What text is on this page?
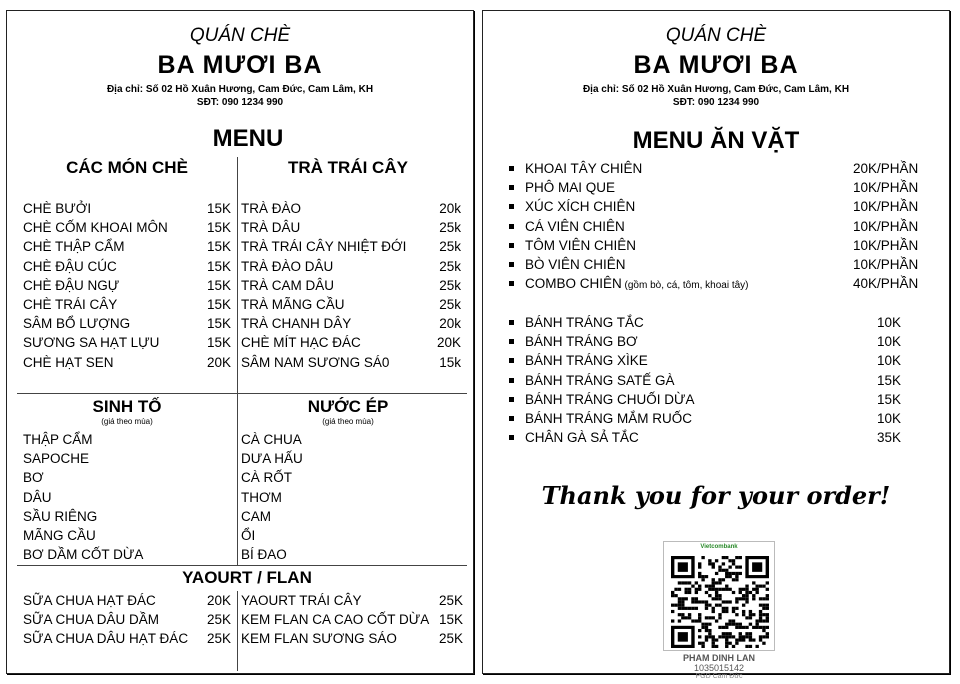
QUÁN CHÈ
BA MƯƠI BA
Địa chỉ: Số 02 Hồ Xuân Hương, Cam Đức, Cam Lâm, KH
SĐT: 090 1234 990
MENU
CÁC MÓN CHÈ
CHÈ BƯỞI	15K
CHÈ CỐM KHOAI MÔN	15K
CHÈ THẬP CẨM	15K
CHÈ ĐẬU CÚC	15K
CHÈ ĐẬU NGỰ	15K
CHÈ TRÁI CÂY	15K
SÂM BỔ LƯỢNG	15K
SƯƠNG SA HẠT LỰU	15K
CHÈ HẠT SEN	20K
TRÀ TRÁI CÂY
TRÀ ĐÀO	20k
TRÀ DÂU	25k
TRÀ TRÁI CÂY NHIỆT ĐỚI 25k
TRÀ ĐÀO DÂU	25k
TRÀ CAM DÂU	25k
TRÀ MÃNG CẦU	25k
TRÀ CHANH DÂY	20k
CHÈ MÍT HẠC ĐÁC	20K
SÂM NAM SƯƠNG SÁ0	15k
SINH TỐ
(giá theo mùa)
THẬP CẨM
SAPOCHE
BƠ
DÂU
SẦU RIÊNG
MÃNG CẦU
BƠ DẦM CỐT DỪA
NƯỚC ÉP
(giá theo mùa)
CÀ CHUA
DƯA HẤU
CÀ RỐT
THƠM
CAM
ỔI
BÍ ĐAO
YAOURT / FLAN
SỮA CHUA HẠT ĐÁC	20K
SỮA CHUA DÂU DẦM	25K
SỮA CHUA DÂU HẠT ĐÁC 25K
YAOURT TRÁI CÂY	25K
KEM FLAN CA CAO CỐT DỪA 15K
KEM FLAN SƯƠNG SÁO	25K
QUÁN CHÈ
BA MƯƠI BA
Địa chỉ: Số 02 Hồ Xuân Hương, Cam Đức, Cam Lâm, KH
SĐT: 090 1234 990
MENU ĂN VẶT
KHOAI TÂY CHIÊN	20K/PHẦN
PHÔ MAI QUE	10K/PHẦN
XÚC XÍCH CHIÊN	10K/PHẦN
CÁ VIÊN CHIÊN	10K/PHẦN
TÔM VIÊN CHIÊN	10K/PHẦN
BÒ VIÊN CHIÊN	10K/PHẦN
COMBO CHIÊN (gồm bò, cá, tôm, khoai tây)	40K/PHẦN
BÁNH TRÁNG TẮC	10K
BÁNH TRÁNG BƠ	10K
BÁNH TRÁNG XÌKE	10K
BÁNH TRÁNG SATẾ GÀ	15K
BÁNH TRÁNG CHUỐI DỪA	15K
BÁNH TRÁNG MẮM RUỐC	10K
CHÂN GÀ SẢ TẮC	35K
Thank you for your order!
Vietcombank
PHAM DINH LAN
1035015142
PGD Cam Đức
